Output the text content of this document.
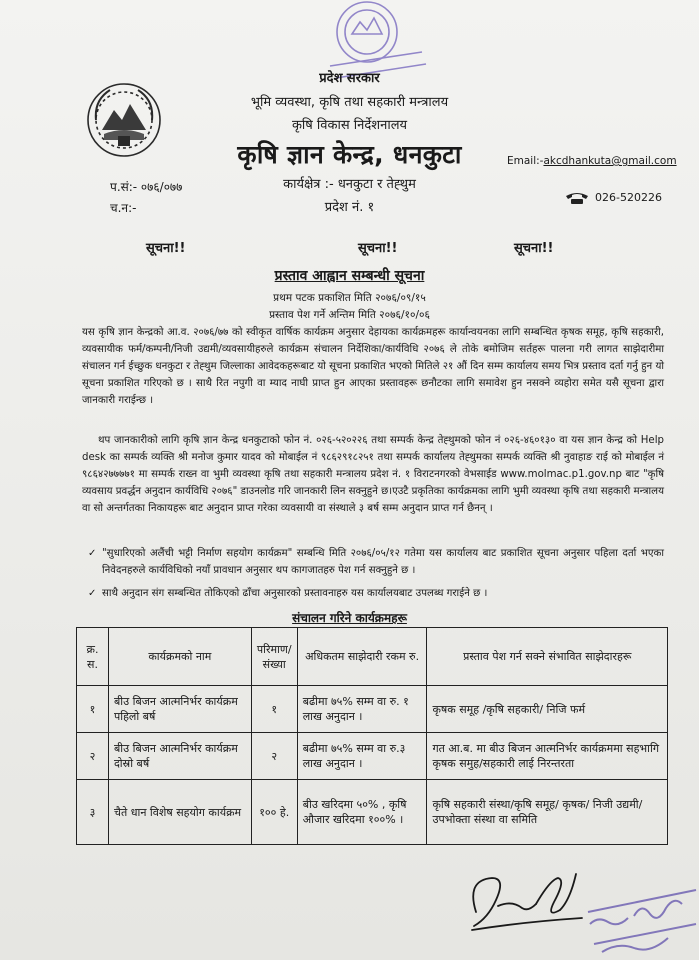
प्रदेश सरकार
भूमि व्यवस्था, कृषि तथा सहकारी मन्त्रालय
कृषि विकास निर्देशनालय
कृषि ज्ञान केन्द्र, धनकुटा
कार्यक्षेत्र :- धनकुटा र तेह्थुम
प्रदेश नं. १
Email:-akcdhankuta@gmail.com
026-520226
प.सं:- ०७६/०७७
च.न:-
सूचना!!	सूचना!!	सूचना!!
प्रस्ताव आह्वान सम्बन्धी सूचना
प्रथम पटक प्रकाशित मिति २०७६/०९/१५
प्रस्ताव पेश गर्ने अन्तिम मिति २०७६/१०/०६
यस कृषि ज्ञान केन्द्रको आ.व. २०७६/७७ को स्वीकृत वार्षिक कार्यक्रम अनुसार देहायका कार्यक्रमहरू कार्यान्वयनका लागि सम्बन्धित कृषक समूह, कृषि सहकारी, व्यवसायीक फर्म/कम्पनी/निजी उद्यमी/व्यवसायीहरुले कार्यक्रम संचालन निर्देशिका/कार्यविधि २०७६ ले तोके बमोजिम सर्तहरू पालना गरी लागत साझेदारीमा संचालन गर्न ईच्छुक धनकुटा र तेह्थुम जिल्लाका आवेदकहरूबाट यो सूचना प्रकाशित भएको मितिले २१ औं दिन सम्म कार्यालय समय भित्र प्रस्ताव दर्ता गर्नु हुन यो सूचना प्रकाशित गरिएको छ । साथै रित नपुगी वा म्याद नाघी प्राप्त हुन आएका प्रस्तावहरू छनौटका लागि समावेश हुन नसक्ने व्यहोरा समेत यसै सूचना द्वारा जानकारी गराईन्छ ।
थप जानकारीको लागि कृषि ज्ञान केन्द्र धनकुटाको फोन नं. ०२६-५२०२२६ तथा सम्पर्क केन्द्र तेह्थुमको फोन नं ०२६-४६०१३० वा यस ज्ञान केन्द्र को Help desk का सम्पर्क व्यक्ति श्री मनोज कुमार यादव को मोबाईल नं ९८६२९१८२५१ तथा सम्पर्क कार्यालय तेह्थुमका सम्पर्क व्यक्ति श्री नुवाहाङ राई को मोबाईल नं ९८६४२७७७७१ मा सम्पर्क राख्न वा भुमी व्यवस्था कृषि तथा सहकारी मन्त्रालय प्रदेश नं. १ विराटनगरको वेभसाईड www.molmac.p1.gov.np बाट "कृषि व्यवसाय प्रवर्द्धन अनुदान कार्यविधि २०७६" डाउनलोड गरि जानकारी लिन सक्नुहुने छ।एउटै प्रकृतिका कार्यक्रमका लागि भुमी व्यवस्था कृषि तथा सहकारी मन्त्रालय वा सो अन्तर्गतका निकायहरू बाट अनुदान प्राप्त गरेका व्यवसायी वा संस्थाले ३ बर्ष सम्म अनुदान प्राप्त गर्न छैनन् ।
✓ "सुधारिएको अलैंची भट्टी निर्माण सहयोग कार्यक्रम" सम्बन्धि मिति २०७६/०५/१२ गतेमा यस कार्यालय बाट प्रकाशित सूचना अनुसार पहिला दर्ता भएका निवेदनहरुले कार्यविधिको नयाँ प्रावधान अनुसार थप कागजातहरु पेश गर्न सक्नुहुने छ ।
✓ साथै अनुदान संग सम्बन्धित तोकिएको ढाँचा अनुसारको प्रस्तावनाहरु यस कार्यालयबाट उपलब्ध गराईने छ ।
संचालन गरिने कार्यक्रमहरू
क्र. स.	कार्यक्रमको नाम	परिमाण/संख्या	अधिकतम साझेदारी रकम रु.	प्रस्ताव पेश गर्न सक्ने संभावित साझेदारहरू
१	बीउ बिजन आत्मनिर्भर कार्यक्रम पहिलो बर्ष	१	बढीमा ७५% सम्म वा रु. १ लाख अनुदान ।	कृषक समूह /कृषि सहकारी/ निजि फर्म
२	बीउ बिजन आत्मनिर्भर कार्यक्रम दोस्रो बर्ष	२	बढीमा ७५% सम्म वा रु.३ लाख अनुदान ।	गत आ.ब. मा बीउ बिजन आत्मनिर्भर कार्यक्रममा सहभागि कृषक समुह/सहकारी लाई निरन्तरता
३	चैते धान विशेष सहयोग कार्यक्रम	१०० हे.	बीउ खरिदमा ५०% , कृषि औजार खरिदमा १००% ।	कृषि सहकारी संस्था/कृषि समूह/ कृषक/ निजी उद्यमी/ उपभोक्ता संस्था वा समिति
